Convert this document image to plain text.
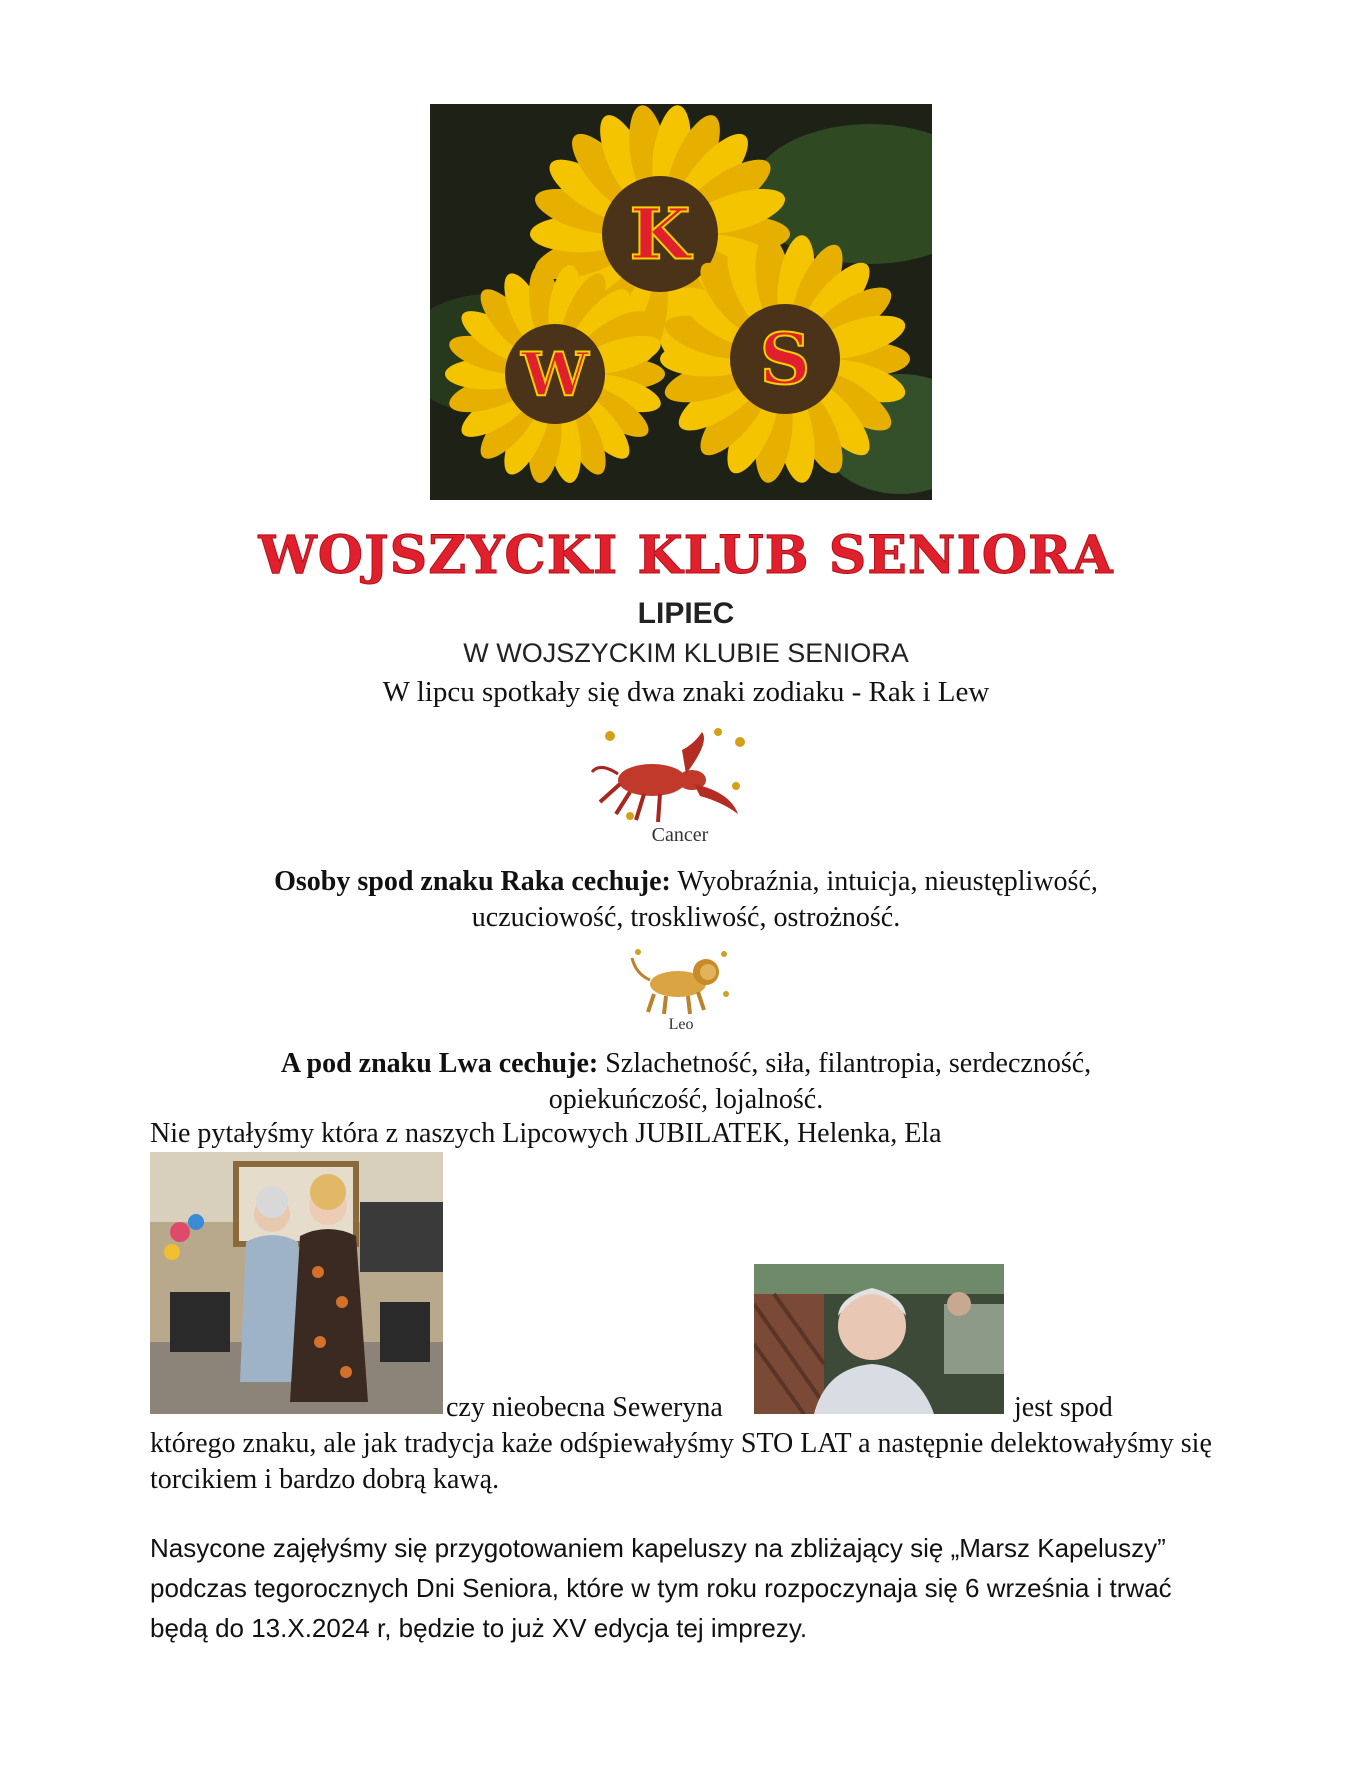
K
W S
WOJSZYCKI KLUB SENIORA
LIPIEC
W WOJSZYCKIM KLUBIE SENIORA
W lipcu spotkały się dwa znaki zodiaku - Rak i Lew
Cancer
Osoby spod znaku Raka cechuje: Wyobraźnia, intuicja, nieustępliwość,
uczuciowość, troskliwość, ostrożność.
Leo
A pod znaku Lwa cechuje: Szlachetność, siła, filantropia, serdeczność,
opiekuńczość, lojalność.
Nie pytałyśmy która z naszych Lipcowych JUBILATEK, Helenka, Ela
czy nieobecna Seweryna	jest spod
którego znaku, ale jak tradycja każe odśpiewałyśmy STO LAT a następnie delektowałyśmy się torcikiem i bardzo dobrą kawą.
Nasycone zajęłyśmy się przygotowaniem kapeluszy na zbliżający się „Marsz Kapeluszy” podczas tegorocznych Dni Seniora, które w tym roku rozpoczynaja się 6 września i trwać będą do 13.X.2024 r, będzie to już XV edycja tej imprezy.
